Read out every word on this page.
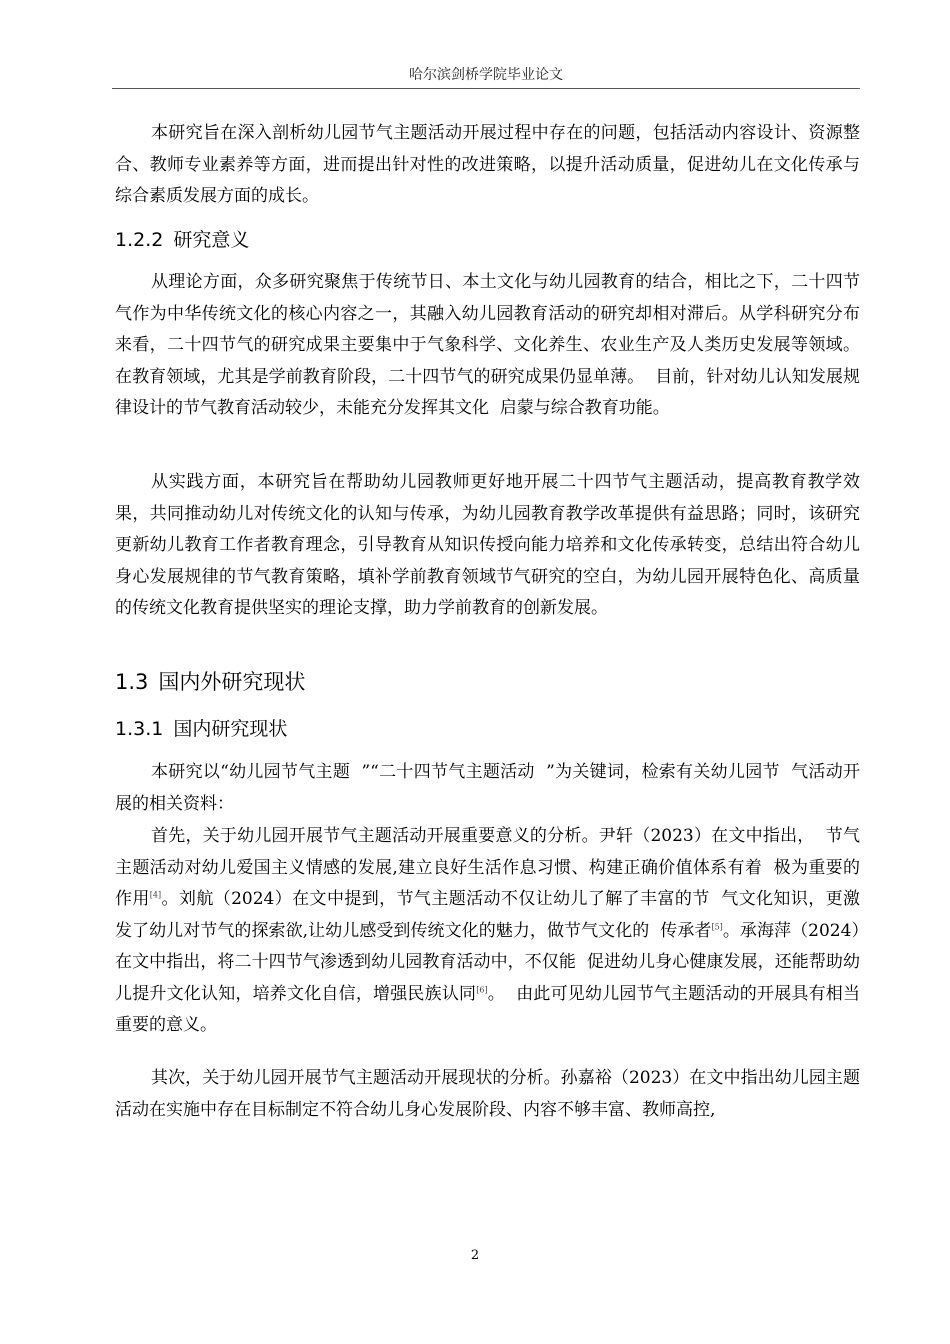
哈尔滨剑桥学院毕业论文

本研究旨在深入剖析幼儿园节气主题活动开展过程中存在的问题，包括活动内容设计、资源整合、教师专业素养等方面，进而提出针对性的改进策略，以提升活动质量，促进幼儿在文化传承与综合素质发展方面的成长。

1.2.2 研究意义

从理论方面，众多研究聚焦于传统节日、本土文化与幼儿园教育的结合，相比之下，二十四节气作为中华传统文化的核心内容之一，其融入幼儿园教育活动的研究却相对滞后。从学科研究分布来看，二十四节气的研究成果主要集中于气象科学、文化养生、农业生产及人类历史发展等领域。在教育领域，尤其是学前教育阶段，二十四节气的研究成果仍显单薄。  目前，针对幼儿认知发展规律设计的节气教育活动较少，未能充分发挥其文化  启蒙与综合教育功能。

从实践方面，本研究旨在帮助幼儿园教师更好地开展二十四节气主题活动，提高教育教学效果，共同推动幼儿对传统文化的认知与传承，为幼儿园教育教学改革提供有益思路；同时，该研究更新幼儿教育工作者教育理念，引导教育从知识传授向能力培养和文化传承转变，总结出符合幼儿身心发展规律的节气教育策略，填补学前教育领域节气研究的空白，为幼儿园开展特色化、高质量的传统文化教育提供坚实的理论支撑，助力学前教育的创新发展。

1.3 国内外研究现状
1.3.1 国内研究现状

本研究以“幼儿园节气主题  ”“二十四节气主题活动  ”为关键词，检索有关幼儿园节  气活动开展的相关资料：

首先，关于幼儿园开展节气主题活动开展重要意义的分析。尹轩（2023）在文中指出，  节气主题活动对幼儿爱国主义情感的发展,建立良好生活作息习惯、构建正确价值体系有着  极为重要的作用[4]。刘航（2024）在文中提到，节气主题活动不仅让幼儿了解了丰富的节  气文化知识，更激发了幼儿对节气的探索欲,让幼儿感受到传统文化的魅力，做节气文化的  传承者[5]。承海萍（2024）在文中指出，将二十四节气渗透到幼儿园教育活动中，不仅能  促进幼儿身心健康发展，还能帮助幼儿提升文化认知，培养文化自信，增强民族认同[6]。  由此可见幼儿园节气主题活动的开展具有相当重要的意义。

其次，关于幼儿园开展节气主题活动开展现状的分析。孙嘉裕（2023）在文中指出幼儿园主题活动在实施中存在目标制定不符合幼儿身心发展阶段、内容不够丰富、教师高控,

2
